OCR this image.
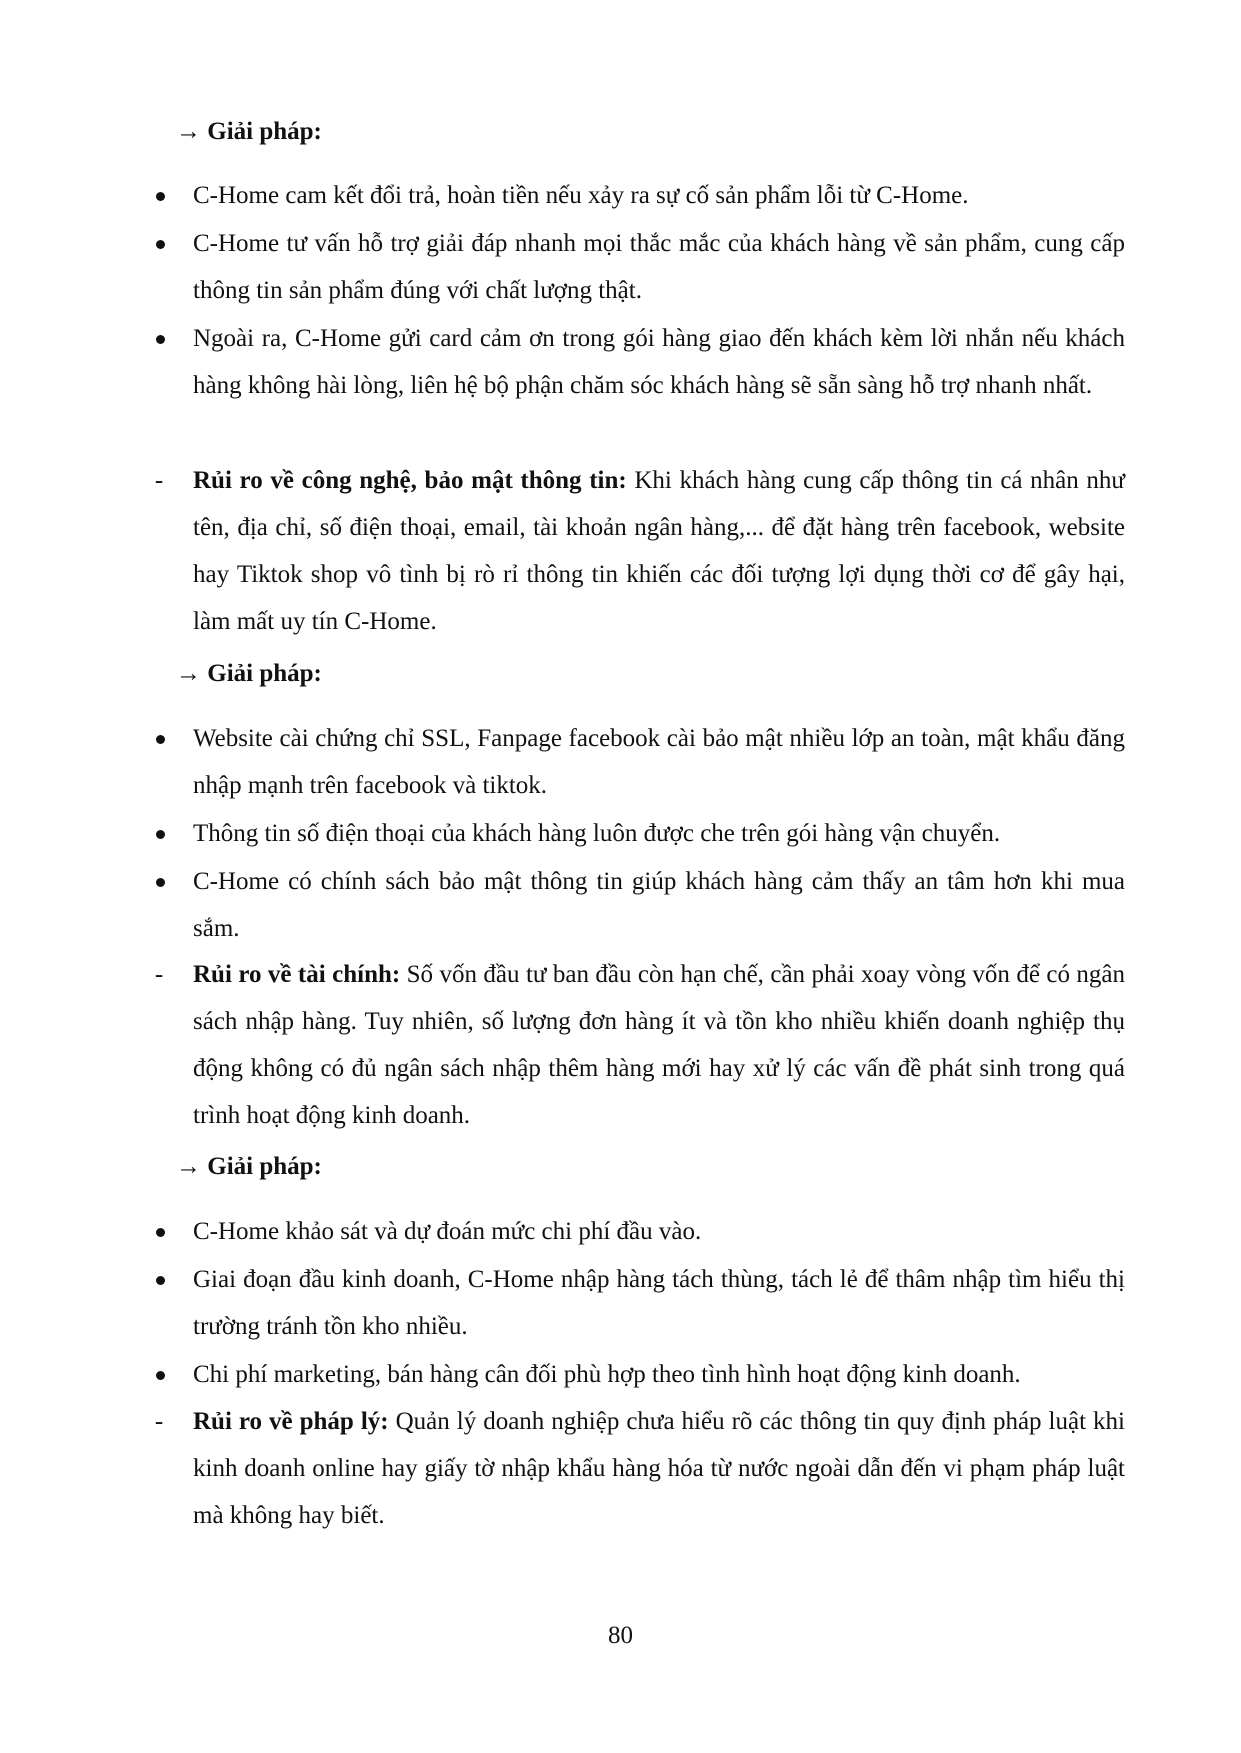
→ Giải pháp:
C-Home cam kết đổi trả, hoàn tiền nếu xảy ra sự cố sản phẩm lỗi từ C-Home.
C-Home tư vấn hỗ trợ giải đáp nhanh mọi thắc mắc của khách hàng về sản phẩm, cung cấp thông tin sản phẩm đúng với chất lượng thật.
Ngoài ra, C-Home gửi card cảm ơn trong gói hàng giao đến khách kèm lời nhắn nếu khách hàng không hài lòng, liên hệ bộ phận chăm sóc khách hàng sẽ sẵn sàng hỗ trợ nhanh nhất.
- Rủi ro về công nghệ, bảo mật thông tin: Khi khách hàng cung cấp thông tin cá nhân như tên, địa chỉ, số điện thoại, email, tài khoản ngân hàng,... để đặt hàng trên facebook, website hay Tiktok shop vô tình bị rò rỉ thông tin khiến các đối tượng lợi dụng thời cơ để gây hại, làm mất uy tín C-Home.
→ Giải pháp:
Website cài chứng chỉ SSL, Fanpage facebook cài bảo mật nhiều lớp an toàn, mật khẩu đăng nhập mạnh trên facebook và tiktok.
Thông tin số điện thoại của khách hàng luôn được che trên gói hàng vận chuyển.
C-Home có chính sách bảo mật thông tin giúp khách hàng cảm thấy an tâm hơn khi mua sắm.
- Rủi ro về tài chính: Số vốn đầu tư ban đầu còn hạn chế, cần phải xoay vòng vốn để có ngân sách nhập hàng. Tuy nhiên, số lượng đơn hàng ít và tồn kho nhiều khiến doanh nghiệp thụ động không có đủ ngân sách nhập thêm hàng mới hay xử lý các vấn đề phát sinh trong quá trình hoạt động kinh doanh.
→ Giải pháp:
C-Home khảo sát và dự đoán mức chi phí đầu vào.
Giai đoạn đầu kinh doanh, C-Home nhập hàng tách thùng, tách lẻ để thâm nhập tìm hiểu thị trường tránh tồn kho nhiều.
Chi phí marketing, bán hàng cân đối phù hợp theo tình hình hoạt động kinh doanh.
- Rủi ro về pháp lý: Quản lý doanh nghiệp chưa hiểu rõ các thông tin quy định pháp luật khi kinh doanh online hay giấy tờ nhập khẩu hàng hóa từ nước ngoài dẫn đến vi phạm pháp luật mà không hay biết.
80
